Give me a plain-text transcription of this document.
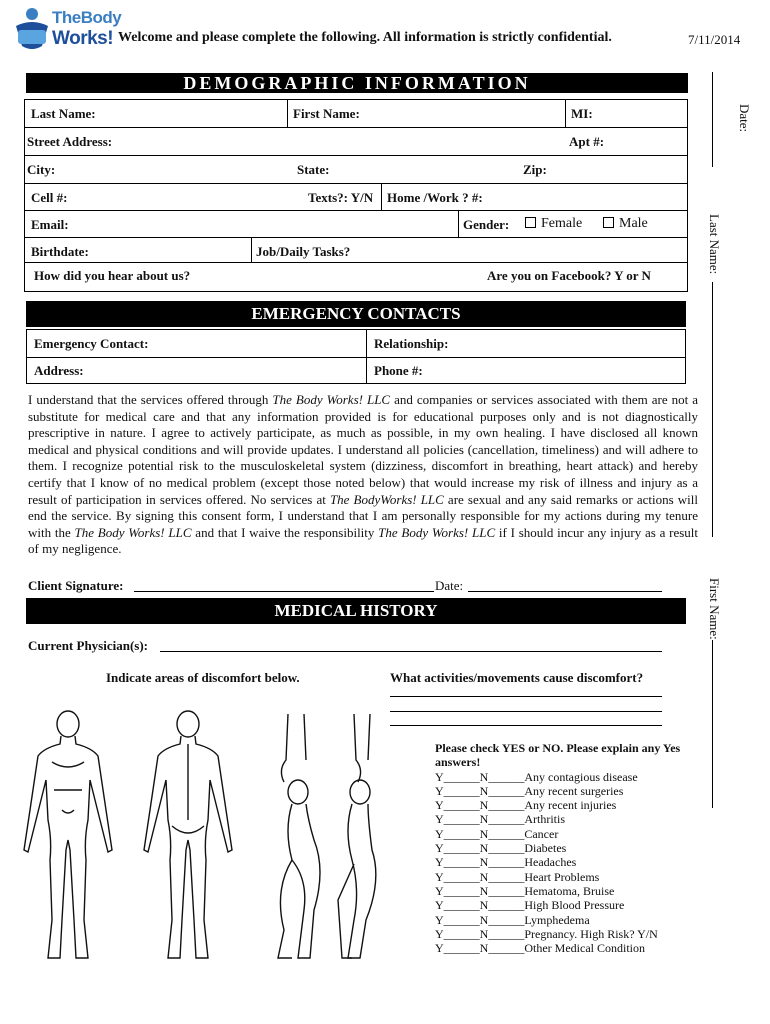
TheBody
Works! Welcome and please complete the following. All information is strictly confidential.	7/11/2014
Date:
Last Name:
First Name:
DEMOGRAPHIC INFORMATION
Last Name:	First Name:	MI:
Street Address:	Apt #:
City:	State:	Zip:
Cell #:	Texts?: Y/N Home /Work ? #:
Email:	Gender:	Female	Male
Birthdate:	Job/Daily Tasks?
How did you hear about us?	Are you on Facebook? Y or N
EMERGENCY CONTACTS
Emergency Contact:	Relationship:
Address:	Phone #:
I understand that the services offered through The Body Works! LLC and companies or services associated with them are not a substitute for medical care and that any information provided is for educational purposes only and is not diagnostically prescriptive in nature. I agree to actively participate, as much as possible, in my own healing. I have disclosed all known medical and physical conditions and will provide updates. I understand all policies (cancellation, timeliness) and will adhere to them. I recognize potential risk to the musculoskeletal system (dizziness, discomfort in breathing, heart attack) and hereby certify that I know of no medical problem (except those noted below) that would increase my risk of illness and injury as a result of participation in services offered. No services at The BodyWorks! LLC are sexual and any said remarks or actions will end the service. By signing this consent form, I understand that I am personally responsible for my actions during my tenure with the The Body Works! LLC and that I waive the responsibility The Body Works! LLC if I should incur any injury as a result of my negligence.
Client Signature:	Date:
MEDICAL HISTORY
Current Physician(s):
Indicate areas of discomfort below.	What activities/movements cause discomfort?
Please check YES or NO. Please explain any Yes answers!
Y______N______Any contagious disease
Y______N______Any recent surgeries
Y______N______Any recent injuries
Y______N______Arthritis
Y______N______Cancer
Y______N______Diabetes
Y______N______Headaches
Y______N______Heart Problems
Y______N______Hematoma, Bruise
Y______N______High Blood Pressure
Y______N______Lymphedema
Y______N______Pregnancy. High Risk? Y/N
Y______N______Other Medical Condition
